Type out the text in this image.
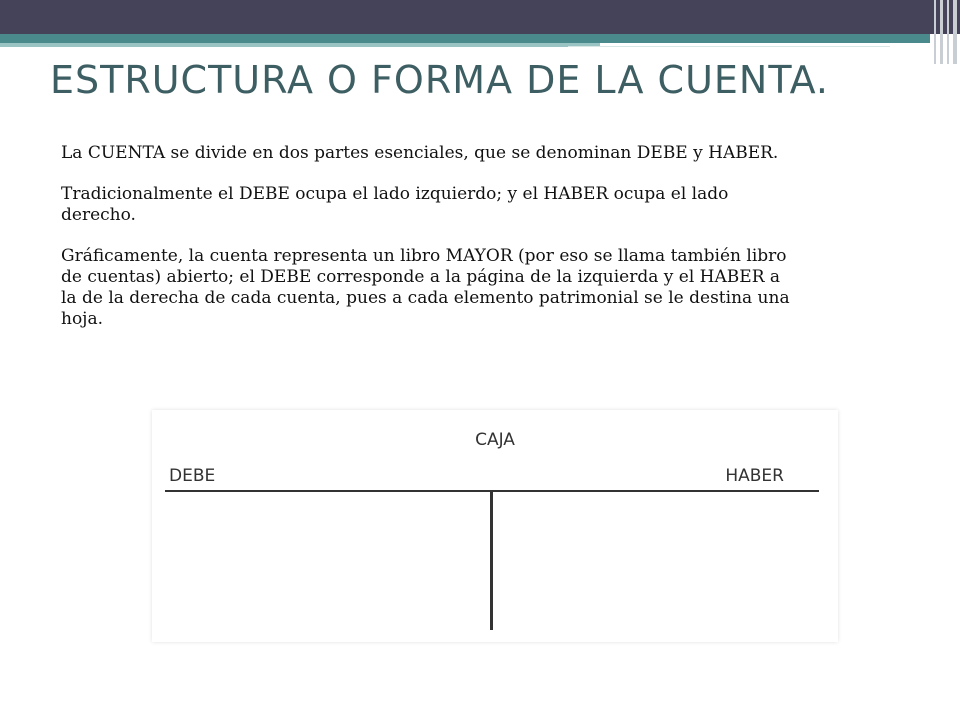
ESTRUCTURA O FORMA DE LA CUENTA.

La CUENTA se divide en dos partes esenciales, que se denominan DEBE y HABER.

Tradicionalmente el DEBE ocupa el lado izquierdo; y el HABER ocupa el lado derecho.

Gráficamente, la cuenta representa un libro MAYOR (por eso se llama también libro de cuentas) abierto; el DEBE corresponde a la página de la izquierda y el HABER a la de la derecha de cada cuenta, pues a cada elemento patrimonial se le destina una hoja.

CAJA
DEBE	HABER
